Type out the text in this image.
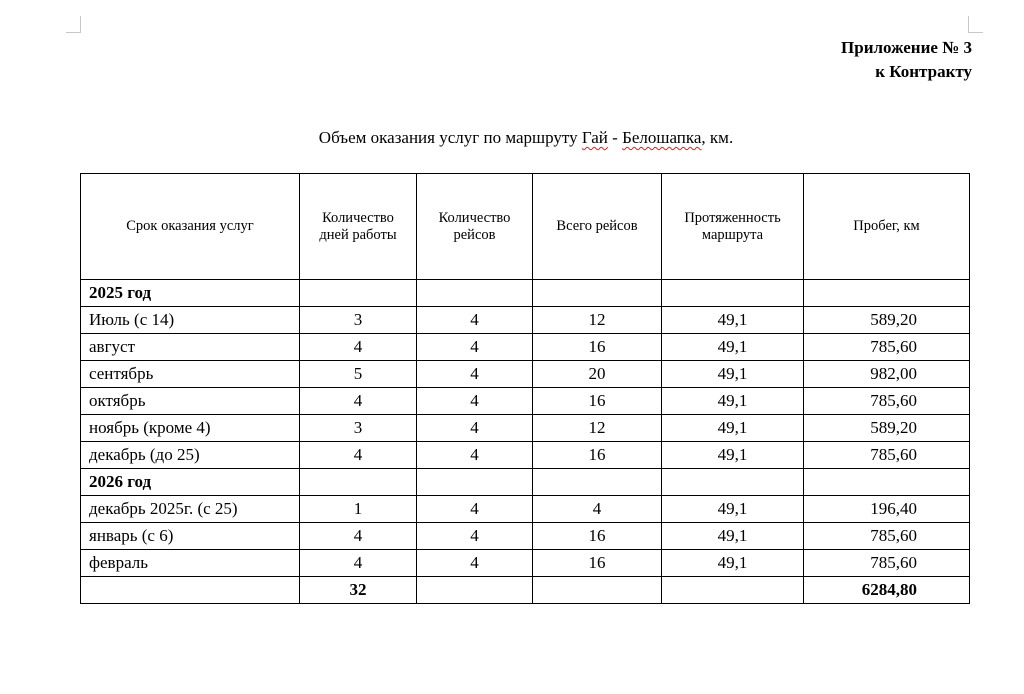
Приложение № 3
к Контракту
Объем оказания услуг по маршруту Гай - Белошапка, км.
Срок оказания услуг	Количество дней работы	Количество рейсов	Всего рейсов	Протяженность маршрута	Пробег, км
2025 год					
Июль (с 14)	3	4	12	49,1	589,20
август	4	4	16	49,1	785,60
сентябрь	5	4	20	49,1	982,00
октябрь	4	4	16	49,1	785,60
ноябрь (кроме 4)	3	4	12	49,1	589,20
декабрь (до 25)	4	4	16	49,1	785,60
2026 год					
декабрь 2025г. (с 25)	1	4	4	49,1	196,40
январь (с 6)	4	4	16	49,1	785,60
февраль	4	4	16	49,1	785,60
	32				6284,80
